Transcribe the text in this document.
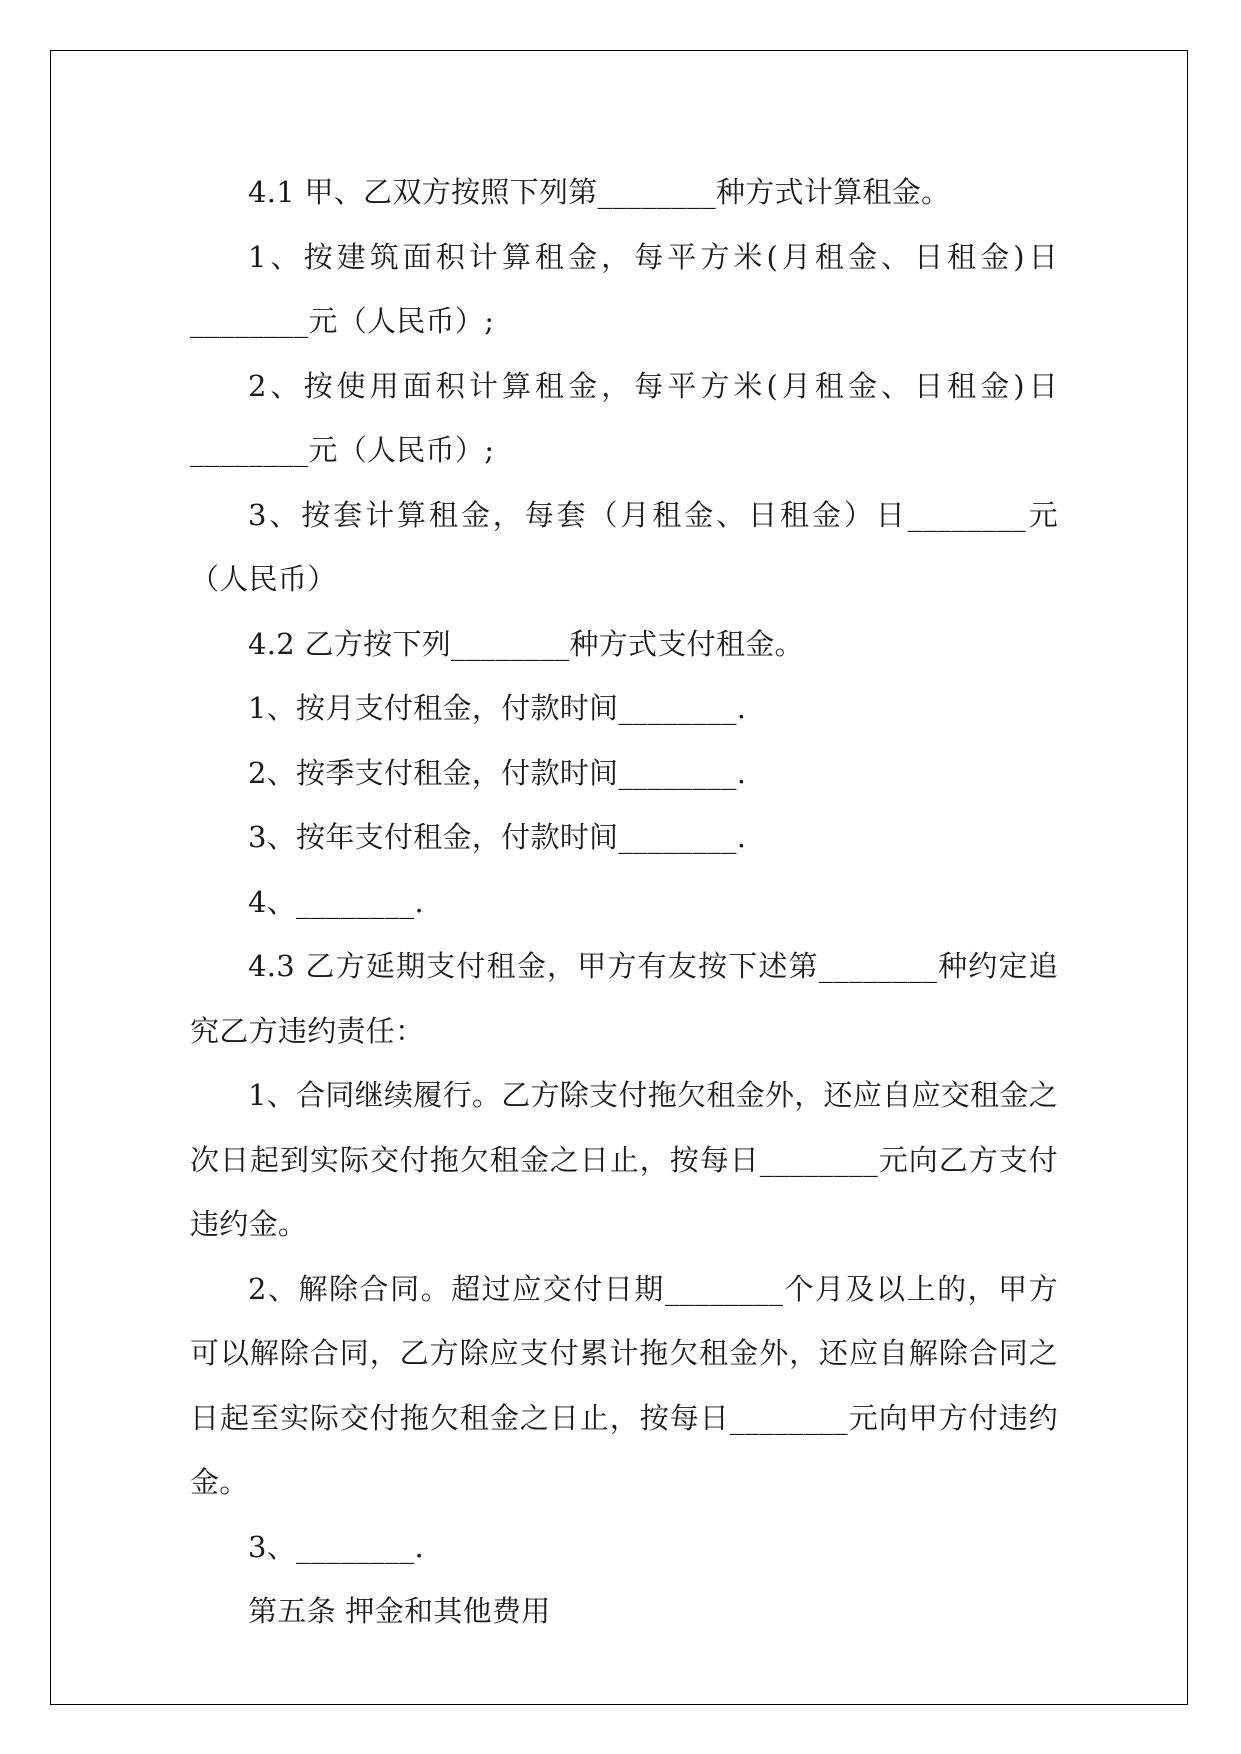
4.1 甲、乙双方按照下列第________种方式计算租金。

1、按建筑面积计算租金，每平方米(月租金、日租金)日________元（人民币）;

2、按使用面积计算租金，每平方米(月租金、日租金)日________元（人民币）;

3、按套计算租金，每套（月租金、日租金）日________元（人民币）

4.2 乙方按下列________种方式支付租金。

1、按月支付租金，付款时间________.

2、按季支付租金，付款时间________.

3、按年支付租金，付款时间________.

4、________.

4.3 乙方延期支付租金，甲方有友按下述第________种约定追究乙方违约责任：

1、合同继续履行。乙方除支付拖欠租金外，还应自应交租金之次日起到实际交付拖欠租金之日止，按每日________元向乙方支付违约金。

2、解除合同。超过应交付日期________个月及以上的，甲方可以解除合同，乙方除应支付累计拖欠租金外，还应自解除合同之日起至实际交付拖欠租金之日止，按每日________元向甲方付违约金。

3、________.

第五条 押金和其他费用
